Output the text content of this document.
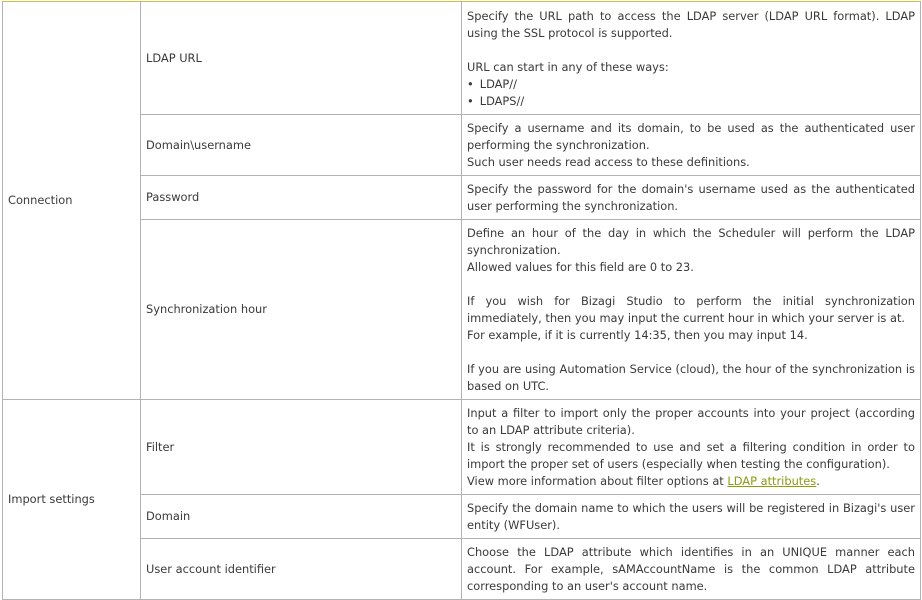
Connection	LDAP URL	Specify the URL path to access the LDAP server (LDAP URL format). LDAP using the SSL protocol is supported.

URL can start in any of these ways:

• LDAP//

• LDAPS//

	Domain\username	Specify a username and its domain, to be used as the authenticated user performing the synchronization.

Such user needs read access to these definitions.

	Password	Specify the password for the domain's username used as the authenticated user performing the synchronization.

	Synchronization hour	Define an hour of the day in which the Scheduler will perform the LDAP synchronization.

Allowed values for this field are 0 to 23.

If you wish for Bizagi Studio to perform the initial synchronization immediately, then you may input the current hour in which your server is at.

For example, if it is currently 14:35, then you may input 14.

If you are using Automation Service (cloud), the hour of the synchronization is based on UTC.

Import settings	Filter	Input a filter to import only the proper accounts into your project (according to an LDAP attribute criteria).

It is strongly recommended to use and set a filtering condition in order to import the proper set of users (especially when testing the configuration).

View more information about filter options at LDAP attributes.

	Domain	Specify the domain name to which the users will be registered in Bizagi's user entity (WFUser).

	User account identifier	Choose the LDAP attribute which identifies in an UNIQUE manner each account. For example, sAMAccountName is the common LDAP attribute corresponding to an user's account name.
